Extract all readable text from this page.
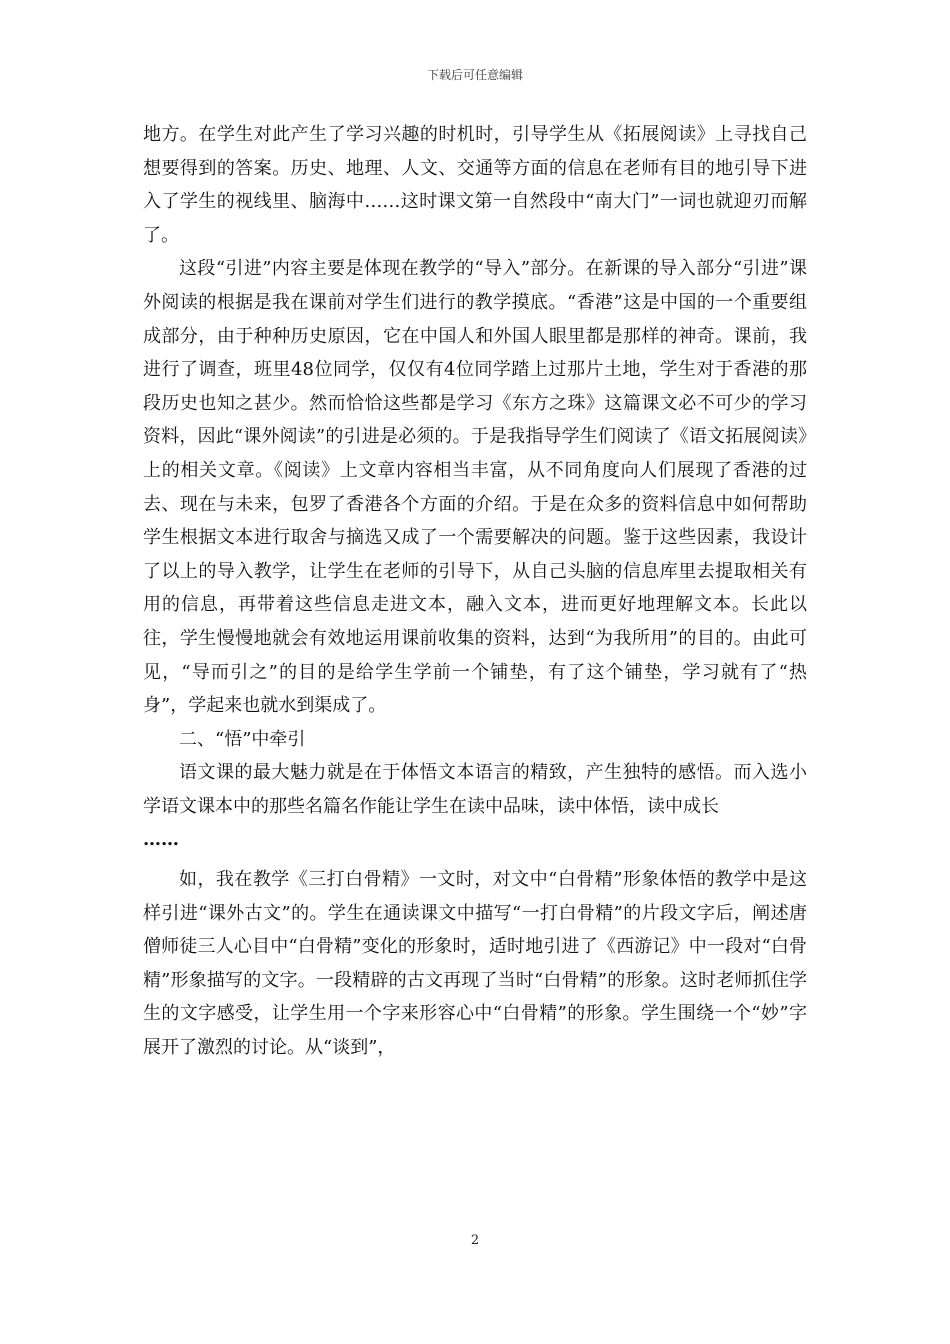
下载后可任意编辑

地方。在学生对此产生了学习兴趣的时机时，引导学生从《拓展阅读》上寻找自己想要得到的答案。历史、地理、人文、交通等方面的信息在老师有目的地引导下进入了学生的视线里、脑海中……这时课文第一自然段中“南大门”一词也就迎刃而解了。

这段“引进”内容主要是体现在教学的“导入”部分。在新课的导入部分“引进”课外阅读的根据是我在课前对学生们进行的教学摸底。“香港”这是中国的一个重要组成部分，由于种种历史原因，它在中国人和外国人眼里都是那样的神奇。课前，我进行了调查，班里48位同学，仅仅有4位同学踏上过那片土地，学生对于香港的那段历史也知之甚少。然而恰恰这些都是学习《东方之珠》这篇课文必不可少的学习资料，因此“课外阅读”的引进是必须的。于是我指导学生们阅读了《语文拓展阅读》上的相关文章。《阅读》上文章内容相当丰富，从不同角度向人们展现了香港的过去、现在与未来，包罗了香港各个方面的介绍。于是在众多的资料信息中如何帮助学生根据文本进行取舍与摘选又成了一个需要解决的问题。鉴于这些因素，我设计了以上的导入教学，让学生在老师的引导下，从自己头脑的信息库里去提取相关有用的信息，再带着这些信息走进文本，融入文本，进而更好地理解文本。长此以往，学生慢慢地就会有效地运用课前收集的资料，达到“为我所用”的目的。由此可见，“导而引之”的目的是给学生学前一个铺垫，有了这个铺垫，学习就有了“热身”，学起来也就水到渠成了。

二、“悟”中牵引

语文课的最大魅力就是在于体悟文本语言的精致，产生独特的感悟。而入选小学语文课本中的那些名篇名作能让学生在读中品味，读中体悟，读中成长

……

如，我在教学《三打白骨精》一文时，对文中“白骨精”形象体悟的教学中是这样引进“课外古文”的。学生在通读课文中描写“一打白骨精”的片段文字后，阐述唐僧师徒三人心目中“白骨精”变化的形象时，适时地引进了《西游记》中一段对“白骨精”形象描写的文字。一段精辟的古文再现了当时“白骨精”的形象。这时老师抓住学生的文字感受，让学生用一个字来形容心中“白骨精”的形象。学生围绕一个“妙”字展开了激烈的讨论。从“谈到”，

2
